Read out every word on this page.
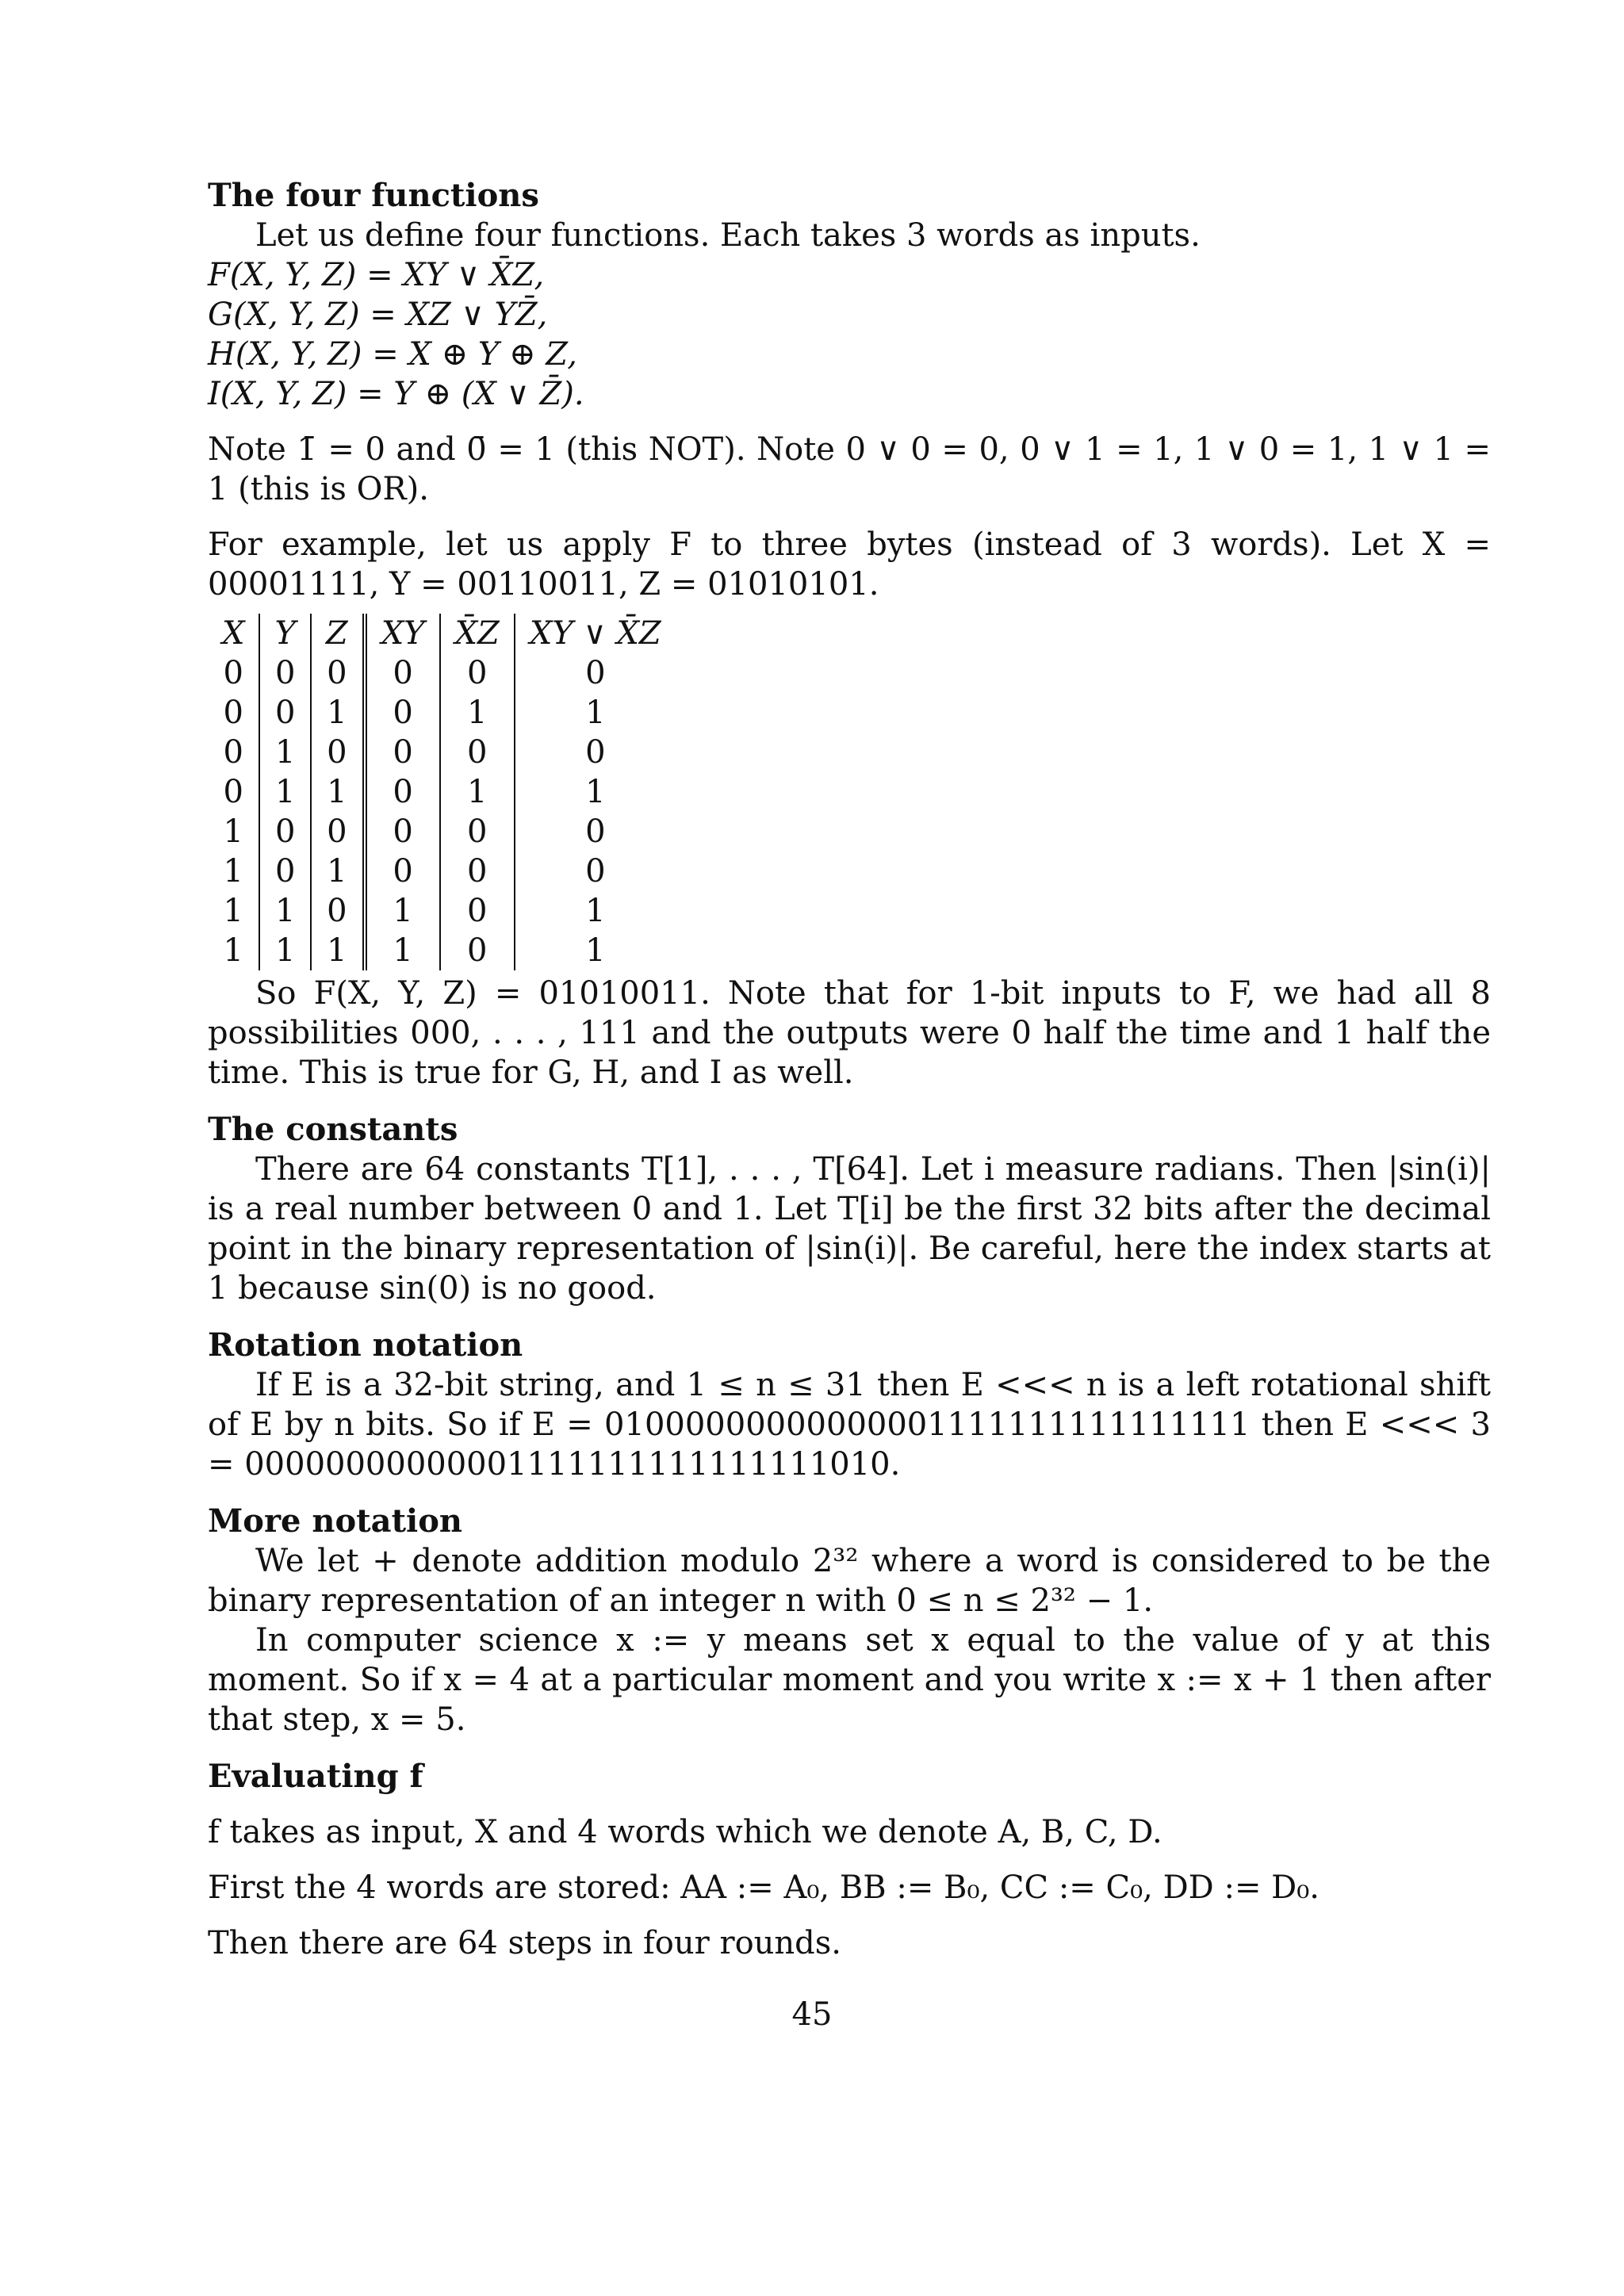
The four functions

Let us define four functions. Each takes 3 words as inputs.

F(X, Y, Z) = XY ∨ X̄Z,
G(X, Y, Z) = XZ ∨ YZ̄,
H(X, Y, Z) = X ⊕ Y ⊕ Z,
I(X, Y, Z) = Y ⊕ (X ∨ Z̄).

Note 1̄ = 0 and 0̄ = 1 (this NOT). Note 0 ∨ 0 = 0, 0 ∨ 1 = 1, 1 ∨ 0 = 1, 1 ∨ 1 = 1 (this is OR).

For example, let us apply F to three bytes (instead of 3 words). Let X = 00001111, Y = 00110011, Z = 01010101.

X	Y	Z	XY	X̄Z	XY ∨ X̄Z
0	0	0	0	0	0
0	0	1	0	1	1
0	1	0	0	0	0
0	1	1	0	1	1
1	0	0	0	0	0
1	0	1	0	0	0
1	1	0	1	0	1
1	1	1	1	0	1

So F(X, Y, Z) = 01010011. Note that for 1-bit inputs to F, we had all 8 possibilities 000, . . . , 111 and the outputs were 0 half the time and 1 half the time. This is true for G, H, and I as well.

The constants

There are 64 constants T[1], . . . , T[64]. Let i measure radians. Then |sin(i)| is a real number between 0 and 1. Let T[i] be the first 32 bits after the decimal point in the binary representation of |sin(i)|. Be careful, here the index starts at 1 because sin(0) is no good.

Rotation notation

If E is a 32-bit string, and 1 ≤ n ≤ 31 then E <<< n is a left rotational shift of E by n bits. So if E = 01000000000000001111111111111111 then E <<< 3 = 00000000000001111111111111111010.

More notation

We let + denote addition modulo 2³² where a word is considered to be the binary representation of an integer n with 0 ≤ n ≤ 2³² − 1.

In computer science x := y means set x equal to the value of y at this moment. So if x = 4 at a particular moment and you write x := x + 1 then after that step, x = 5.

Evaluating f

f takes as input, X and 4 words which we denote A, B, C, D.

First the 4 words are stored: AA := A₀, BB := B₀, CC := C₀, DD := D₀.

Then there are 64 steps in four rounds.

45
